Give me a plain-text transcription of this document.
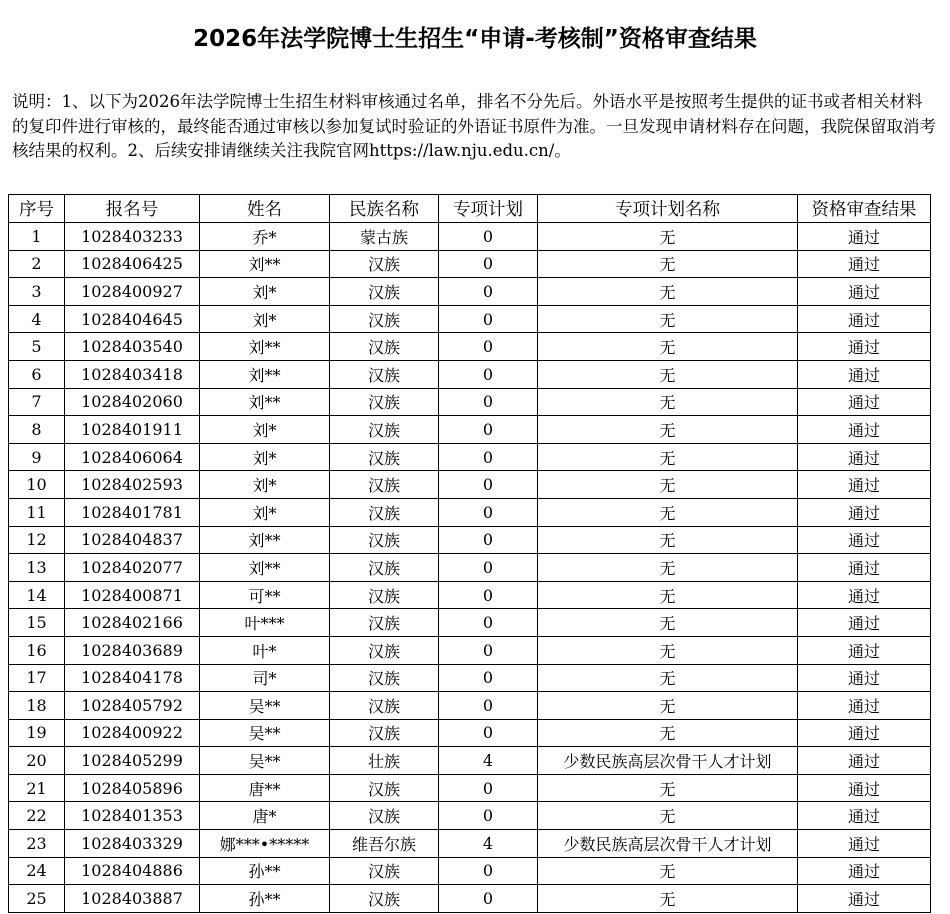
2026年法学院博士生招生“申请-考核制”资格审查结果

说明：1、以下为2026年法学院博士生招生材料审核通过名单，排名不分先后。外语水平是按照考生提供的证书或者相关材料的复印件进行审核的，最终能否通过审核以参加复试时验证的外语证书原件为准。一旦发现申请材料存在问题，我院保留取消考核结果的权利。2、后续安排请继续关注我院官网https://law.nju.edu.cn/。

序号	报名号	姓名	民族名称	专项计划	专项计划名称	资格审查结果
1	1028403233	乔*	蒙古族	0	无	通过
2	1028406425	刘**	汉族	0	无	通过
3	1028400927	刘*	汉族	0	无	通过
4	1028404645	刘*	汉族	0	无	通过
5	1028403540	刘**	汉族	0	无	通过
6	1028403418	刘**	汉族	0	无	通过
7	1028402060	刘**	汉族	0	无	通过
8	1028401911	刘*	汉族	0	无	通过
9	1028406064	刘*	汉族	0	无	通过
10	1028402593	刘*	汉族	0	无	通过
11	1028401781	刘*	汉族	0	无	通过
12	1028404837	刘**	汉族	0	无	通过
13	1028402077	刘**	汉族	0	无	通过
14	1028400871	可**	汉族	0	无	通过
15	1028402166	叶***	汉族	0	无	通过
16	1028403689	叶*	汉族	0	无	通过
17	1028404178	司*	汉族	0	无	通过
18	1028405792	吴**	汉族	0	无	通过
19	1028400922	吴**	汉族	0	无	通过
20	1028405299	吴**	壮族	4	少数民族高层次骨干人才计划	通过
21	1028405896	唐**	汉族	0	无	通过
22	1028401353	唐*	汉族	0	无	通过
23	1028403329	娜***•*****	维吾尔族	4	少数民族高层次骨干人才计划	通过
24	1028404886	孙**	汉族	0	无	通过
25	1028403887	孙**	汉族	0	无	通过
